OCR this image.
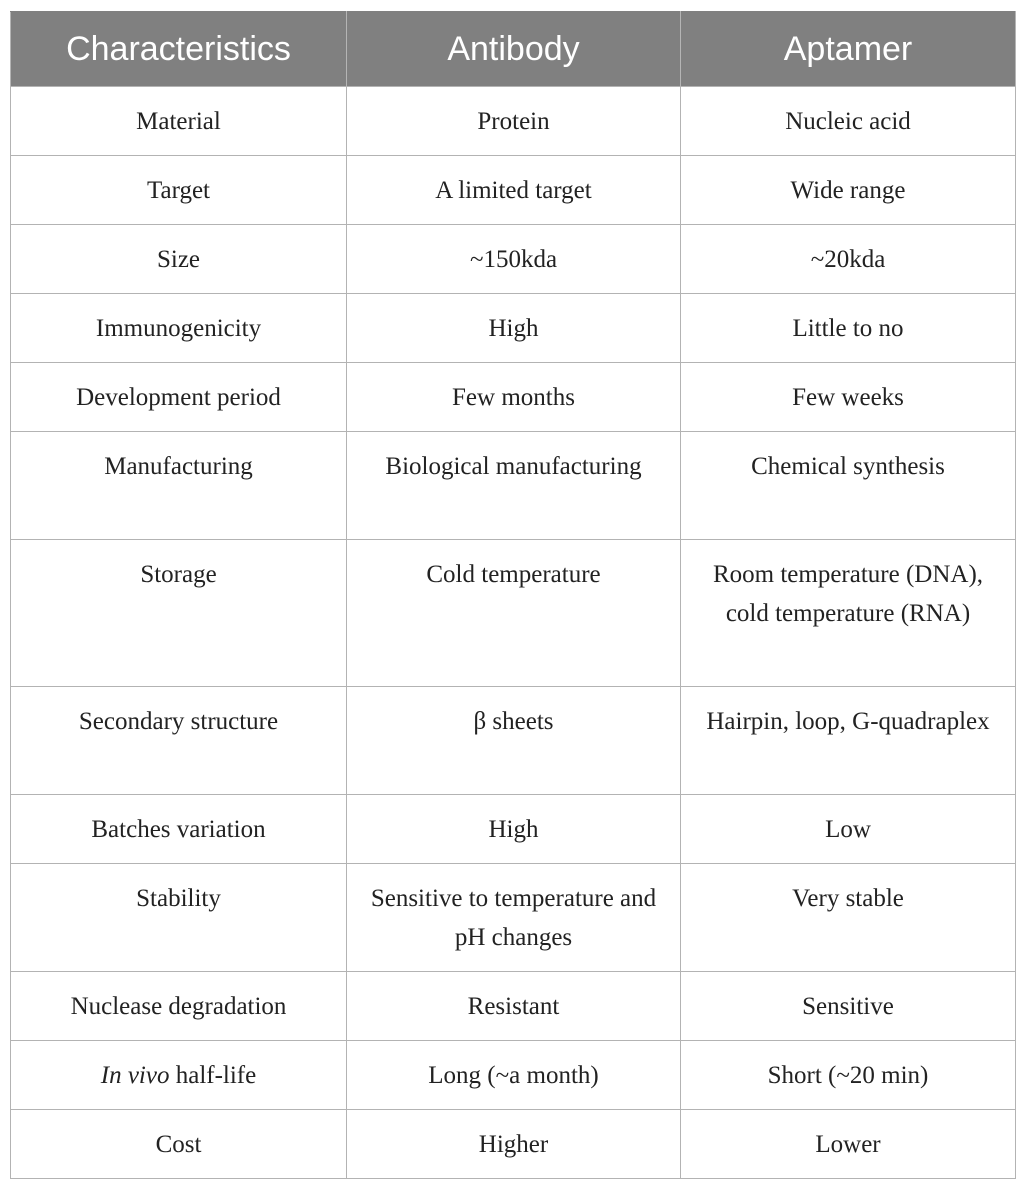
Characteristics	Antibody	Aptamer
Material	Protein	Nucleic acid
Target	A limited target	Wide range
Size	~150kda	~20kda
Immunogenicity	High	Little to no
Development period	Few months	Few weeks
Manufacturing	Biological manufacturing	Chemical synthesis
Storage	Cold temperature	Room temperature (DNA), cold temperature (RNA)
Secondary structure	β sheets	Hairpin, loop, G-quadraplex
Batches variation	High	Low
Stability	Sensitive to temperature and pH changes	Very stable
Nuclease degradation	Resistant	Sensitive
In vivo half-life	Long (~a month)	Short (~20 min)
Cost	Higher	Lower
